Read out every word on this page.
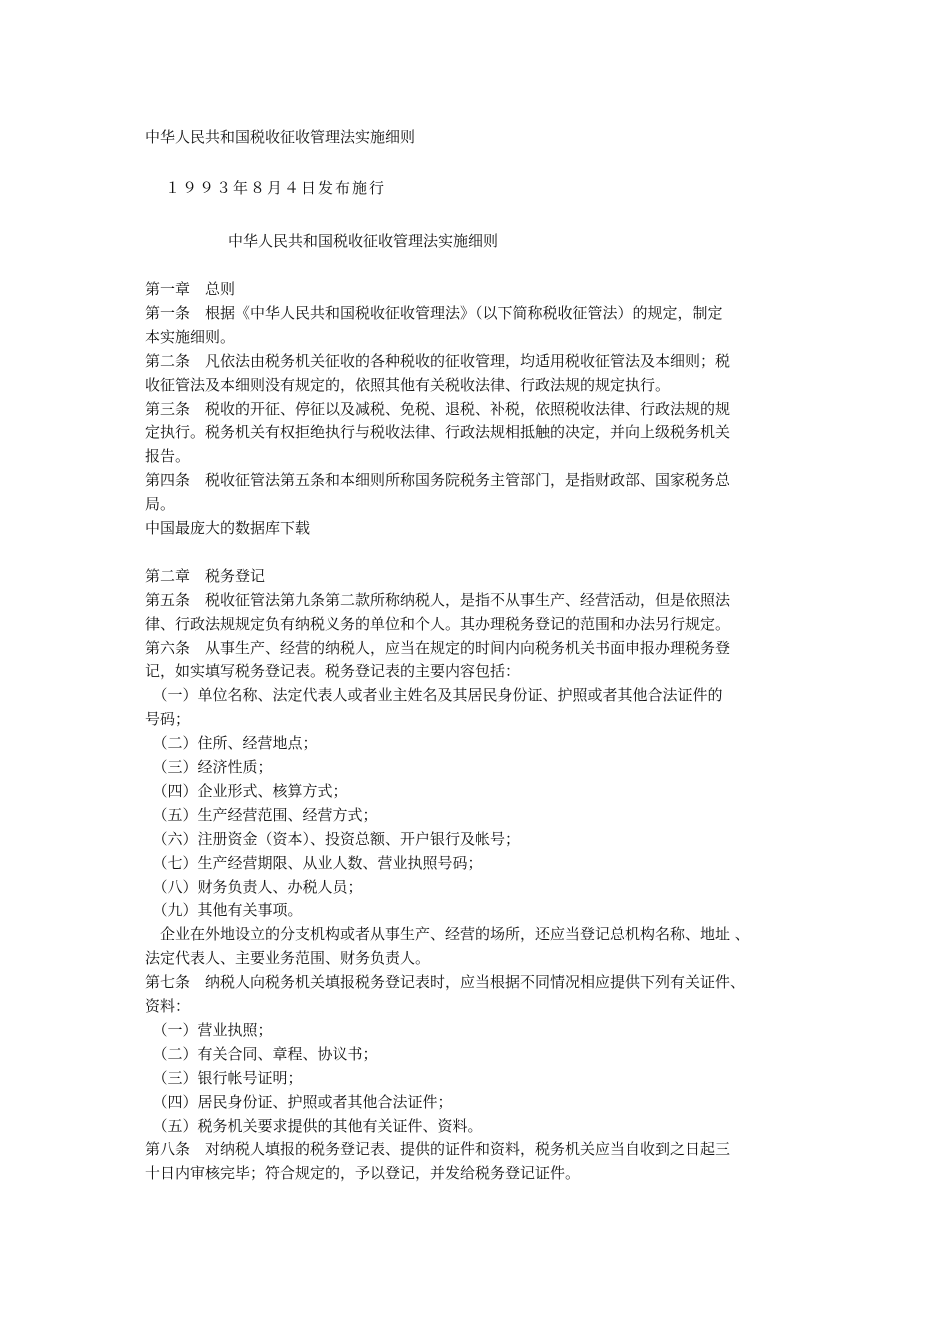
中华人民共和国税收征收管理法实施细则
１９９３年８月４日发布施行
中华人民共和国税收征收管理法实施细则
第一章　总则
第一条　根据《中华人民共和国税收征收管理法》（以下简称税收征管法）的规定，制定
本实施细则。
第二条　凡依法由税务机关征收的各种税收的征收管理，均适用税收征管法及本细则；税
收征管法及本细则没有规定的，依照其他有关税收法律、行政法规的规定执行。
第三条　税收的开征、停征以及减税、免税、退税、补税，依照税收法律、行政法规的规
定执行。税务机关有权拒绝执行与税收法律、行政法规相抵触的决定，并向上级税务机关
报告。
第四条　税收征管法第五条和本细则所称国务院税务主管部门，是指财政部、国家税务总
局。
中国最庞大的数据库下载
第二章　税务登记
第五条　税收征管法第九条第二款所称纳税人，是指不从事生产、经营活动，但是依照法
律、行政法规规定负有纳税义务的单位和个人。其办理税务登记的范围和办法另行规定。
第六条　从事生产、经营的纳税人，应当在规定的时间内向税务机关书面申报办理税务登
记，如实填写税务登记表。税务登记表的主要内容包括：
　（一）单位名称、法定代表人或者业主姓名及其居民身份证、护照或者其他合法证件的
号码；
　（二）住所、经营地点；
　（三）经济性质；
　（四）企业形式、核算方式；
　（五）生产经营范围、经营方式；
　（六）注册资金（资本）、投资总额、开户银行及帐号；
　（七）生产经营期限、从业人数、营业执照号码；
　（八）财务负责人、办税人员；
　（九）其他有关事项。
　企业在外地设立的分支机构或者从事生产、经营的场所，还应当登记总机构名称、地址 、
法定代表人、主要业务范围、财务负责人。
第七条　纳税人向税务机关填报税务登记表时，应当根据不同情况相应提供下列有关证件、
资料：
　（一）营业执照；
　（二）有关合同、章程、协议书；
　（三）银行帐号证明；
　（四）居民身份证、护照或者其他合法证件；
　（五）税务机关要求提供的其他有关证件、资料。
第八条　对纳税人填报的税务登记表、提供的证件和资料，税务机关应当自收到之日起三
十日内审核完毕；符合规定的，予以登记，并发给税务登记证件。
